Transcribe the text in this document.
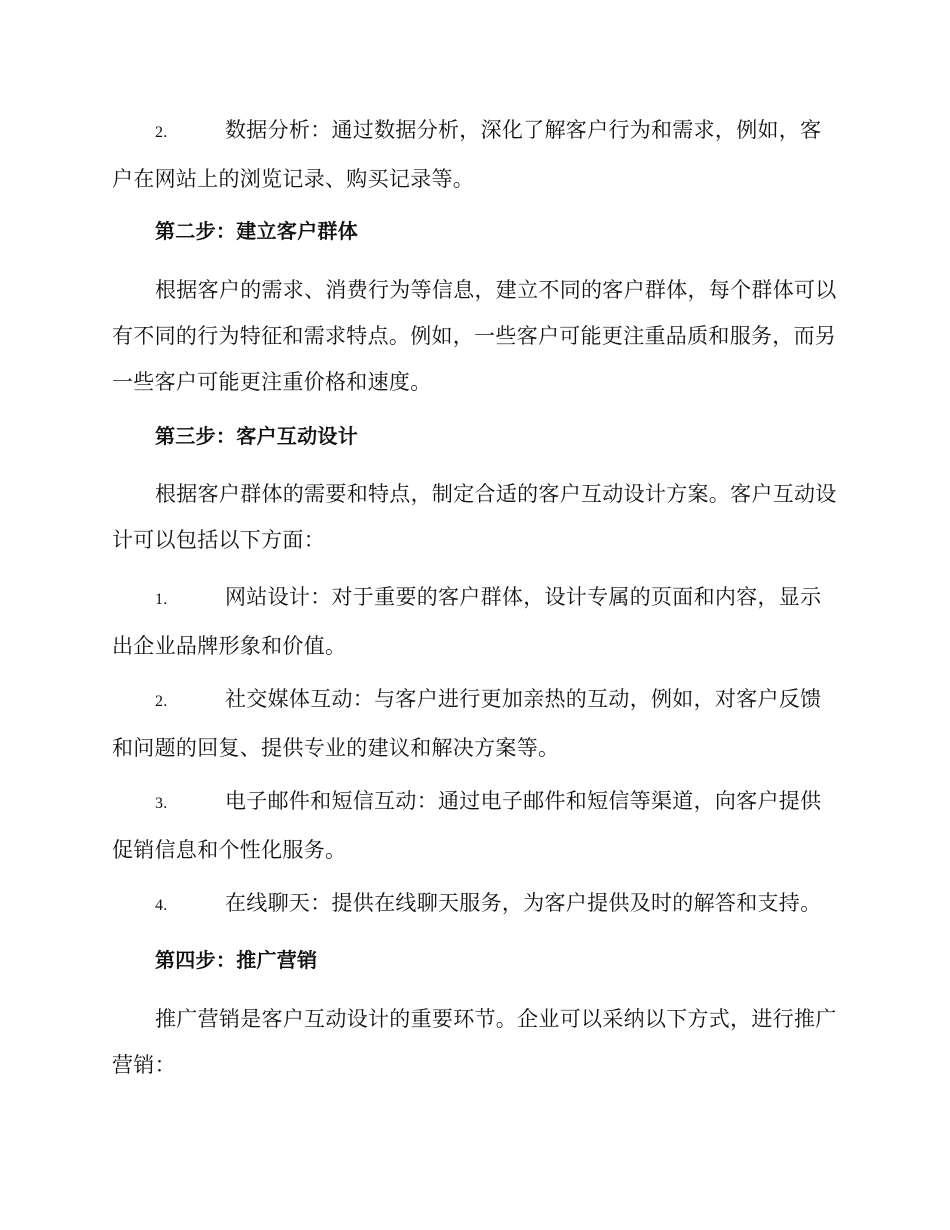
2.	数据分析：通过数据分析，深化了解客户行为和需求，例如，客户在网站上的浏览记录、购买记录等。
第二步：建立客户群体
根据客户的需求、消费行为等信息，建立不同的客户群体，每个群体可以有不同的行为特征和需求特点。例如，一些客户可能更注重品质和服务，而另一些客户可能更注重价格和速度。
第三步：客户互动设计
根据客户群体的需要和特点，制定合适的客户互动设计方案。客户互动设计可以包括以下方面：
1.	网站设计：对于重要的客户群体，设计专属的页面和内容，显示出企业品牌形象和价值。
2.	社交媒体互动：与客户进行更加亲热的互动，例如，对客户反馈和问题的回复、提供专业的建议和解决方案等。
3.	电子邮件和短信互动：通过电子邮件和短信等渠道，向客户提供促销信息和个性化服务。
4.	在线聊天：提供在线聊天服务，为客户提供及时的解答和支持。
第四步：推广营销
推广营销是客户互动设计的重要环节。企业可以采纳以下方式，进行推广营销：
